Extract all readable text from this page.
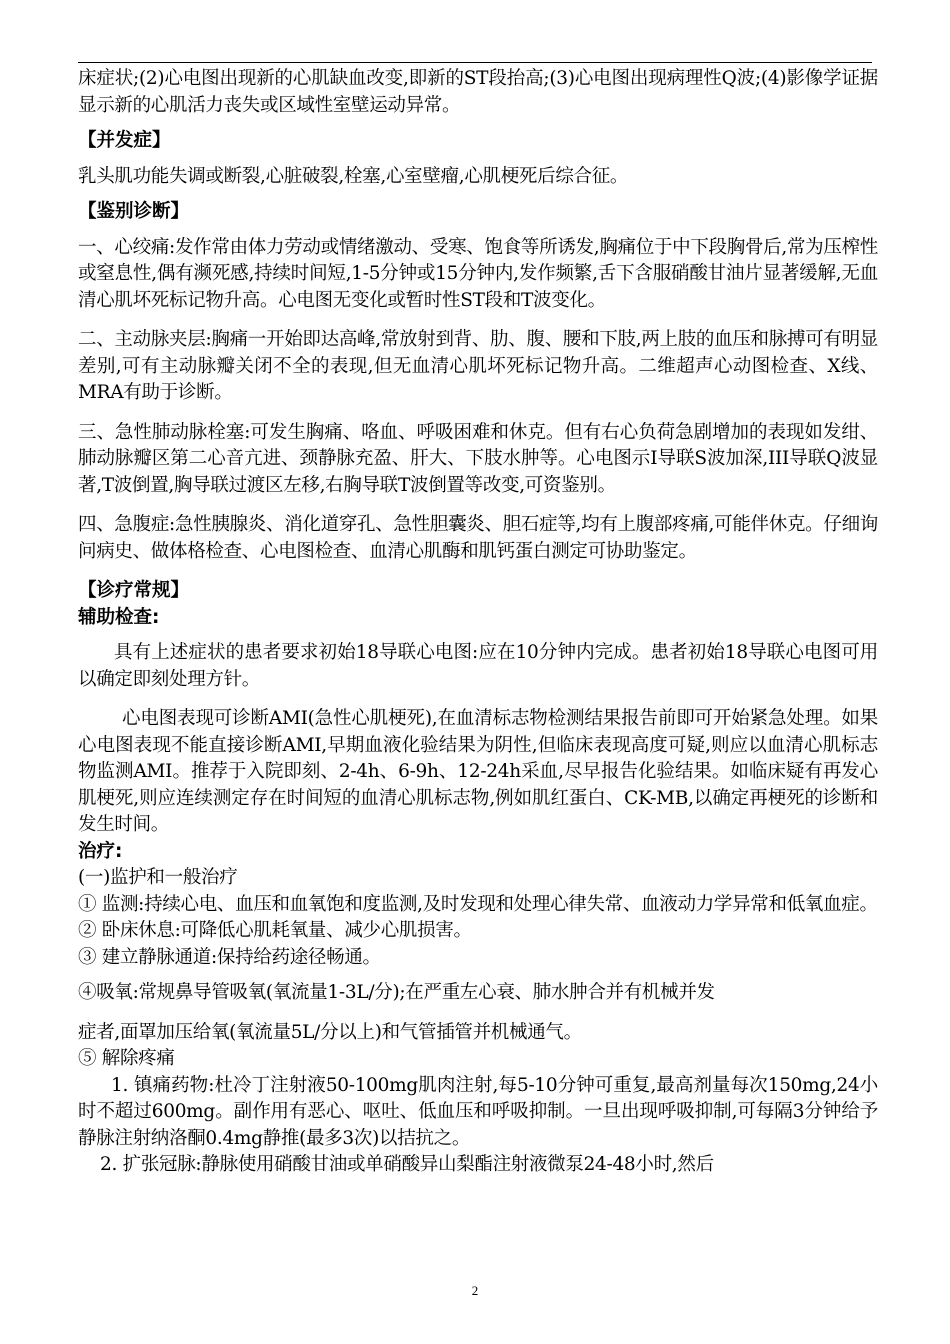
床症状;(2)心电图出现新的心肌缺血改变,即新的ST段抬高;(3)心电图出现病理性Q波;(4)影像学证据显示新的心肌活力丧失或区域性室壁运动异常。

【并发症】

乳头肌功能失调或断裂,心脏破裂,栓塞,心室壁瘤,心肌梗死后综合征。

【鉴别诊断】

一、心绞痛:发作常由体力劳动或情绪激动、受寒、饱食等所诱发,胸痛位于中下段胸骨后,常为压榨性或窒息性,偶有濒死感,持续时间短,1-5分钟或15分钟内,发作频繁,舌下含服硝酸甘油片显著缓解,无血清心肌坏死标记物升高。心电图无变化或暂时性ST段和T波变化。

二、主动脉夹层:胸痛一开始即达高峰,常放射到背、肋、腹、腰和下肢,两上肢的血压和脉搏可有明显差别,可有主动脉瓣关闭不全的表现,但无血清心肌坏死标记物升高。二维超声心动图检查、X线、MRA有助于诊断。

三、急性肺动脉栓塞:可发生胸痛、咯血、呼吸困难和休克。但有右心负荷急剧增加的表现如发绀、肺动脉瓣区第二心音亢进、颈静脉充盈、肝大、下肢水肿等。心电图示I导联S波加深,III导联Q波显著,T波倒置,胸导联过渡区左移,右胸导联T波倒置等改变,可资鉴别。

四、急腹症:急性胰腺炎、消化道穿孔、急性胆囊炎、胆石症等,均有上腹部疼痛,可能伴休克。仔细询问病史、做体格检查、心电图检查、血清心肌酶和肌钙蛋白测定可协助鉴定。

【诊疗常规】

辅助检查:

具有上述症状的患者要求初始18导联心电图:应在10分钟内完成。患者初始18导联心电图可用以确定即刻处理方针。

心电图表现可诊断AMI(急性心肌梗死),在血清标志物检测结果报告前即可开始紧急处理。如果心电图表现不能直接诊断AMI,早期血液化验结果为阴性,但临床表现高度可疑,则应以血清心肌标志物监测AMI。推荐于入院即刻、2-4h、6-9h、12-24h采血,尽早报告化验结果。如临床疑有再发心肌梗死,则应连续测定存在时间短的血清心肌标志物,例如肌红蛋白、CK-MB,以确定再梗死的诊断和发生时间。

治疗:

(一)监护和一般治疗

① 监测:持续心电、血压和血氧饱和度监测,及时发现和处理心律失常、血液动力学异常和低氧血症。

② 卧床休息:可降低心肌耗氧量、减少心肌损害。

③ 建立静脉通道:保持给药途径畅通。

④吸氧:常规鼻导管吸氧(氧流量1-3L/分);在严重左心衰、肺水肿合并有机械并发

症者,面罩加压给氧(氧流量5L/分以上)和气管插管并机械通气。

⑤ 解除疼痛

1. 镇痛药物:杜冷丁注射液50-100mg肌肉注射,每5-10分钟可重复,最高剂量每次150mg,24小时不超过600mg。副作用有恶心、呕吐、低血压和呼吸抑制。一旦出现呼吸抑制,可每隔3分钟给予静脉注射纳洛酮0.4mg静推(最多3次)以拮抗之。

2. 扩张冠脉:静脉使用硝酸甘油或单硝酸异山梨酯注射液微泵24-48小时,然后

2
